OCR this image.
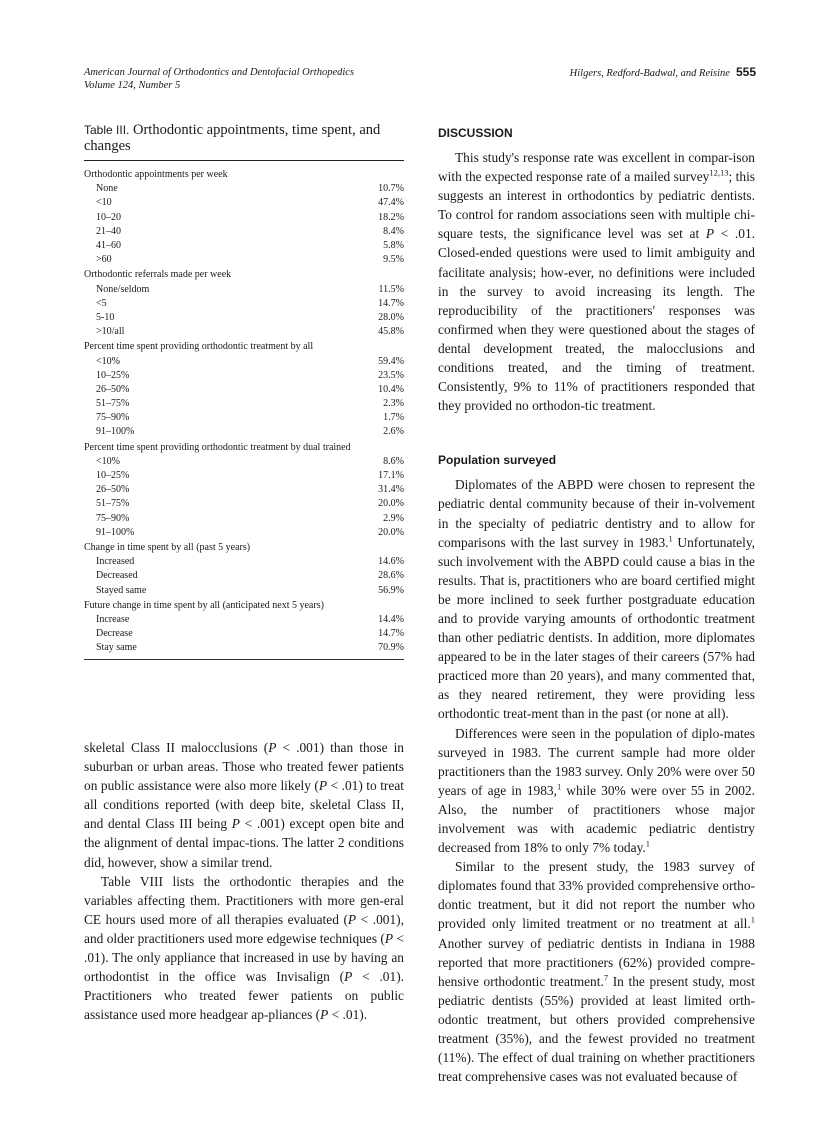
American Journal of Orthodontics and Dentofacial Orthopedics
Volume 124, Number 5
Hilgers, Redford-Badwal, and Reisine 555
Table III. Orthodontic appointments, time spent, and changes
Orthodontic appointments per week	
None	10.7%
<10	47.4%
10–20	18.2%
21–40	8.4%
41–60	5.8%
>60	9.5%
Orthodontic referrals made per week	
None/seldom	11.5%
<5	14.7%
5-10	28.0%
>10/all	45.8%
Percent time spent providing orthodontic treatment by all	
<10%	59.4%
10–25%	23.5%
26–50%	10.4%
51–75%	2.3%
75–90%	1.7%
91–100%	2.6%
Percent time spent providing orthodontic treatment by dual trained	
<10%	8.6%
10–25%	17.1%
26–50%	31.4%
51–75%	20.0%
75–90%	2.9%
91–100%	20.0%
Change in time spent by all (past 5 years)	
Increased	14.6%
Decreased	28.6%
Stayed same	56.9%
Future change in time spent by all (anticipated next 5 years)	
Increase	14.4%
Decrease	14.7%
Stay same	70.9%

skeletal Class II malocclusions (P < .001) than those in suburban or urban areas. Those who treated fewer patients on public assistance were also more likely (P < .01) to treat all conditions reported (with deep bite, skeletal Class II, and dental Class III being P < .001) except open bite and the alignment of dental impac-tions. The latter 2 conditions did, however, show a similar trend.

Table VIII lists the orthodontic therapies and the variables affecting them. Practitioners with more gen-eral CE hours used more of all therapies evaluated (P < .001), and older practitioners used more edgewise techniques (P < .01). The only appliance that increased in use by having an orthodontist in the office was Invisalign (P < .01). Practitioners who treated fewer patients on public assistance used more headgear ap-pliances (P < .01).

DISCUSSION

This study's response rate was excellent in compar-ison with the expected response rate of a mailed survey$^{12,13}$; this suggests an interest in orthodontics by pediatric dentists. To control for random associations seen with multiple chi-square tests, the significance level was set at P < .01. Closed-ended questions were used to limit ambiguity and facilitate analysis; how-ever, no definitions were included in the survey to avoid increasing its length. The reproducibility of the practitioners' responses was confirmed when they were questioned about the stages of dental development treated, the malocclusions and conditions treated, and the timing of treatment. Consistently, 9% to 11% of practitioners responded that they provided no orthodon-tic treatment.

Population surveyed

Diplomates of the ABPD were chosen to represent the pediatric dental community because of their in-volvement in the specialty of pediatric dentistry and to allow for comparisons with the last survey in 1983.$^1$ Unfortunately, such involvement with the ABPD could cause a bias in the results. That is, practitioners who are board certified might be more inclined to seek further postgraduate education and to provide varying amounts of orthodontic treatment than other pediatric dentists. In addition, more diplomates appeared to be in the later stages of their careers (57% had practiced more than 20 years), and many commented that, as they neared retirement, they were providing less orthodontic treat-ment than in the past (or none at all).

Differences were seen in the population of diplo-mates surveyed in 1983. The current sample had more older practitioners than the 1983 survey. Only 20% were over 50 years of age in 1983,$^1$ while 30% were over 55 in 2002. Also, the number of practitioners whose major involvement was with academic pediatric dentistry decreased from 18% to only 7% today.$^1$

Similar to the present study, the 1983 survey of diplomates found that 33% provided comprehensive ortho-dontic treatment, but it did not report the number who provided only limited treatment or no treatment at all.$^1$ Another survey of pediatric dentists in Indiana in 1988 reported that more practitioners (62%) provided compre-hensive orthodontic treatment.$^7$ In the present study, most pediatric dentists (55%) provided at least limited orth-odontic treatment, but others provided comprehensive treatment (35%), and the fewest provided no treatment (11%). The effect of dual training on whether practitioners treat comprehensive cases was not evaluated because of
